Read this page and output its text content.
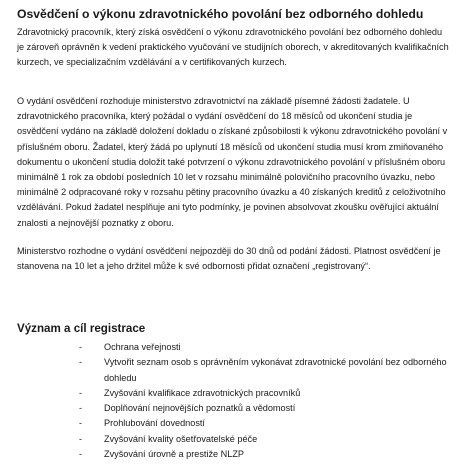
Osvědčení o výkonu zdravotnického povolání bez odborného dohledu

Zdravotnický pracovník, který získá osvědčení o výkonu zdravotnického povolání bez odborného dohledu je zároveň oprávněn k vedení praktického vyučování ve studijních oborech, v akreditovaných kvalifikačních kurzech, ve specializačním vzdělávání a v certifikovaných kurzech.

O vydání osvědčení rozhoduje ministerstvo zdravotnictví na základě písemné žádosti žadatele. U zdravotnického pracovníka, který požádal o vydání osvědčení do 18 měsíců od ukončení studia je osvědčení vydáno na základě doložení dokladu o získané způsobilosti k výkonu zdravotnického povolání v příslušném oboru. Žadatel, který žádá po uplynutí 18 měsíců od ukončení studia musí krom zmiňovaného dokumentu o ukončení studia doložit také potvrzení o výkonu zdravotnického povolání v příslušném oboru minimálně 1 rok za období posledních 10 let v rozsahu minimálně polovičního pracovního úvazku, nebo minimálně 2 odpracované roky v rozsahu pětiny pracovního úvazku a 40 získaných kreditů z celoživotního vzdělávání. Pokud žadatel nesplňuje ani tyto podmínky, je povinen absolvovat zkoušku ověřující aktuální znalosti a nejnovější poznatky z oboru.

Ministerstvo rozhodne o vydání osvědčení nejpozději do 30 dnů od podání žádosti. Platnost osvědčení je stanovena na 10 let a jeho držitel může k své odbornosti přidat označení „registrovaný“.

Význam a cíl registrace
- Ochrana veřejnosti
- Vytvořit seznam osob s oprávněním vykonávat zdravotnické povolání bez odborného dohledu
- Zvyšování kvalifikace zdravotnických pracovníků
- Doplňování nejnovějších poznatků a vědomostí
- Prohlubování dovedností
- Zvyšování kvality ošetřovatelské péče
- Zvyšování úrovně a prestiže NLZP
